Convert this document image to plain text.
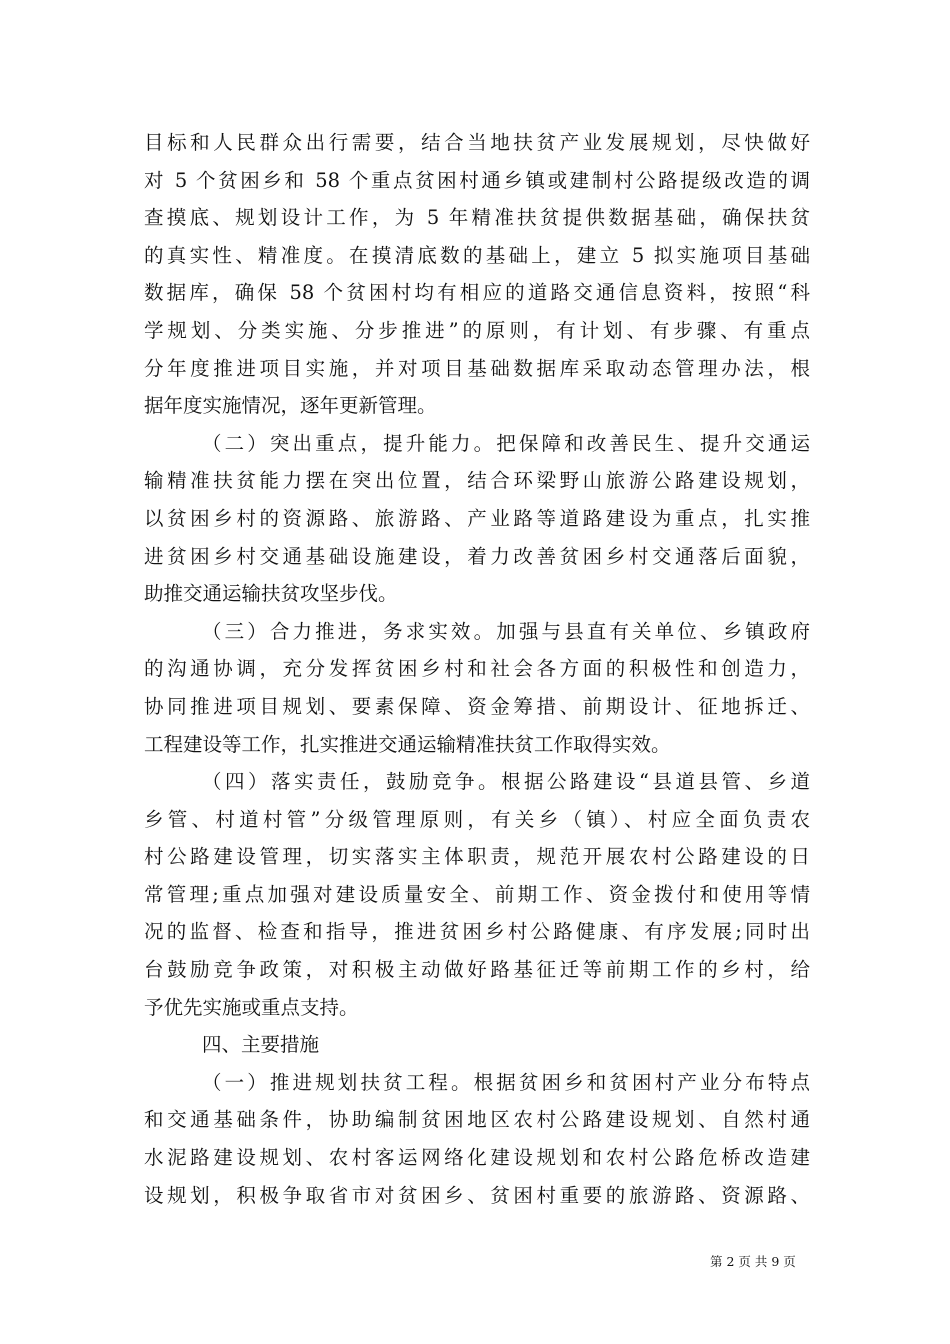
目标和人民群众出行需要，结合当地扶贫产业发展规划，尽快做好
对 5 个贫困乡和 58 个重点贫困村通乡镇或建制村公路提级改造的调
查摸底、规划设计工作，为 5 年精准扶贫提供数据基础，确保扶贫
的真实性、精准度。在摸清底数的基础上，建立 5 拟实施项目基础
数据库，确保 58 个贫困村均有相应的道路交通信息资料，按照“科
学规划、分类实施、分步推进”的原则，有计划、有步骤、有重点
分年度推进项目实施，并对项目基础数据库采取动态管理办法，根
据年度实施情况，逐年更新管理。
（二）突出重点，提升能力。把保障和改善民生、提升交通运
输精准扶贫能力摆在突出位置，结合环梁野山旅游公路建设规划，
以贫困乡村的资源路、旅游路、产业路等道路建设为重点，扎实推
进贫困乡村交通基础设施建设，着力改善贫困乡村交通落后面貌，
助推交通运输扶贫攻坚步伐。
（三）合力推进，务求实效。加强与县直有关单位、乡镇政府
的沟通协调，充分发挥贫困乡村和社会各方面的积极性和创造力，
协同推进项目规划、要素保障、资金筹措、前期设计、征地拆迁、
工程建设等工作，扎实推进交通运输精准扶贫工作取得实效。
（四）落实责任，鼓励竞争。根据公路建设“县道县管、乡道
乡管、村道村管”分级管理原则，有关乡（镇）、村应全面负责农
村公路建设管理，切实落实主体职责，规范开展农村公路建设的日
常管理;重点加强对建设质量安全、前期工作、资金拨付和使用等情
况的监督、检查和指导，推进贫困乡村公路健康、有序发展;同时出
台鼓励竞争政策，对积极主动做好路基征迁等前期工作的乡村，给
予优先实施或重点支持。
四、主要措施
（一）推进规划扶贫工程。根据贫困乡和贫困村产业分布特点
和交通基础条件，协助编制贫困地区农村公路建设规划、自然村通
水泥路建设规划、农村客运网络化建设规划和农村公路危桥改造建
设规划，积极争取省市对贫困乡、贫困村重要的旅游路、资源路、
第 2 页 共 9 页
